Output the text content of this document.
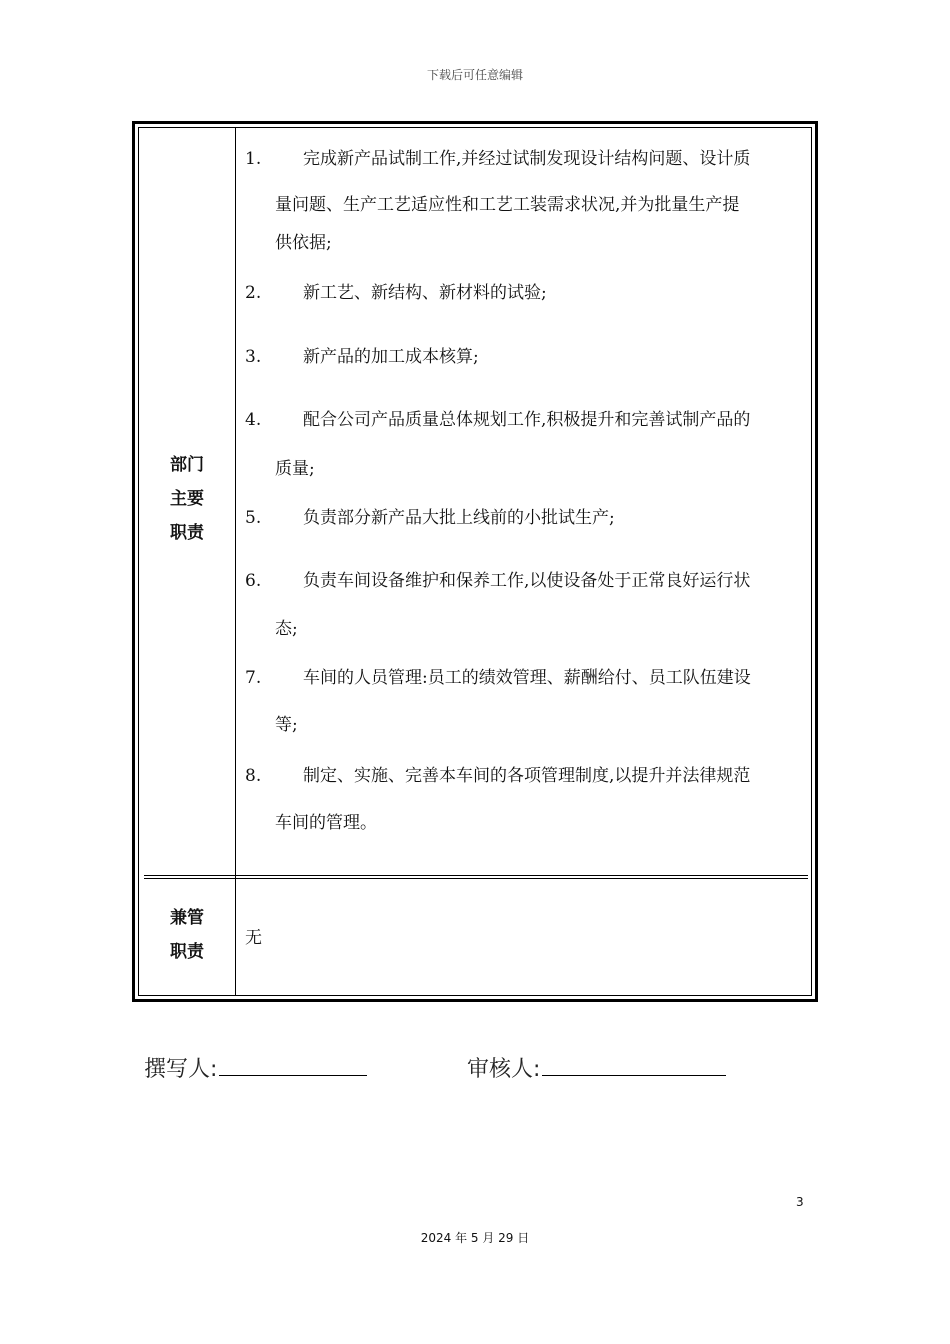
下载后可任意编辑
部门
主要
职责
1. 完成新产品试制工作,并经过试制发现设计结构问题、设计质
量问题、生产工艺适应性和工艺工装需求状况,并为批量生产提
供依据;
2. 新工艺、新结构、新材料的试验;
3. 新产品的加工成本核算;
4. 配合公司产品质量总体规划工作,积极提升和完善试制产品的
质量;
5. 负责部分新产品大批上线前的小批试生产;
6. 负责车间设备维护和保养工作,以使设备处于正常良好运行状
态;
7. 车间的人员管理:员工的绩效管理、薪酬给付、员工队伍建设
等;
8. 制定、实施、完善本车间的各项管理制度,以提升并法律规范
车间的管理。
兼管
职责
无
撰写人:	审核人:
3
2024 年 5 月 29 日
